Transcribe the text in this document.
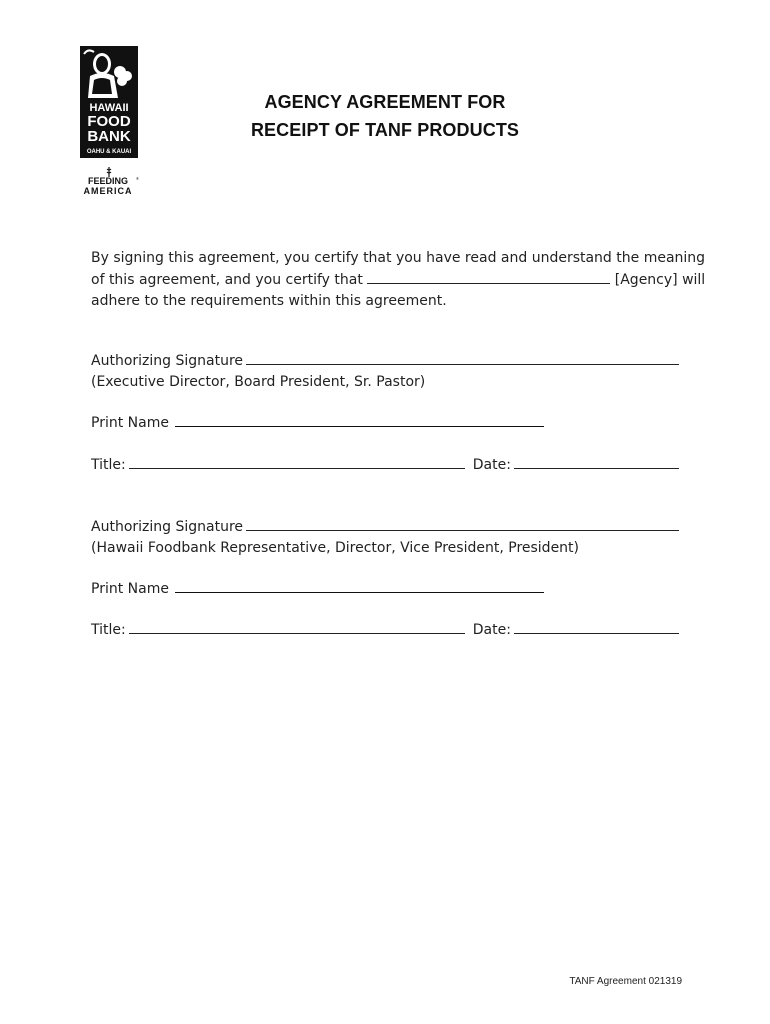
HAWAII
FOOD
BANK
OAHU & KAUAI
FEEDING ®
AMERICA
AGENCY AGREEMENT FOR
RECEIPT OF TANF PRODUCTS
By signing this agreement, you certify that you have read and understand the meaning
of this agreement, and you certify that	[Agency] will
adhere to the requirements within this agreement.
Authorizing Signature
(Executive Director, Board President, Sr. Pastor)
Print Name
Title:	Date:
Authorizing Signature
(Hawaii Foodbank Representative, Director, Vice President, President)
Print Name
Title:	Date:
TANF Agreement 021319
